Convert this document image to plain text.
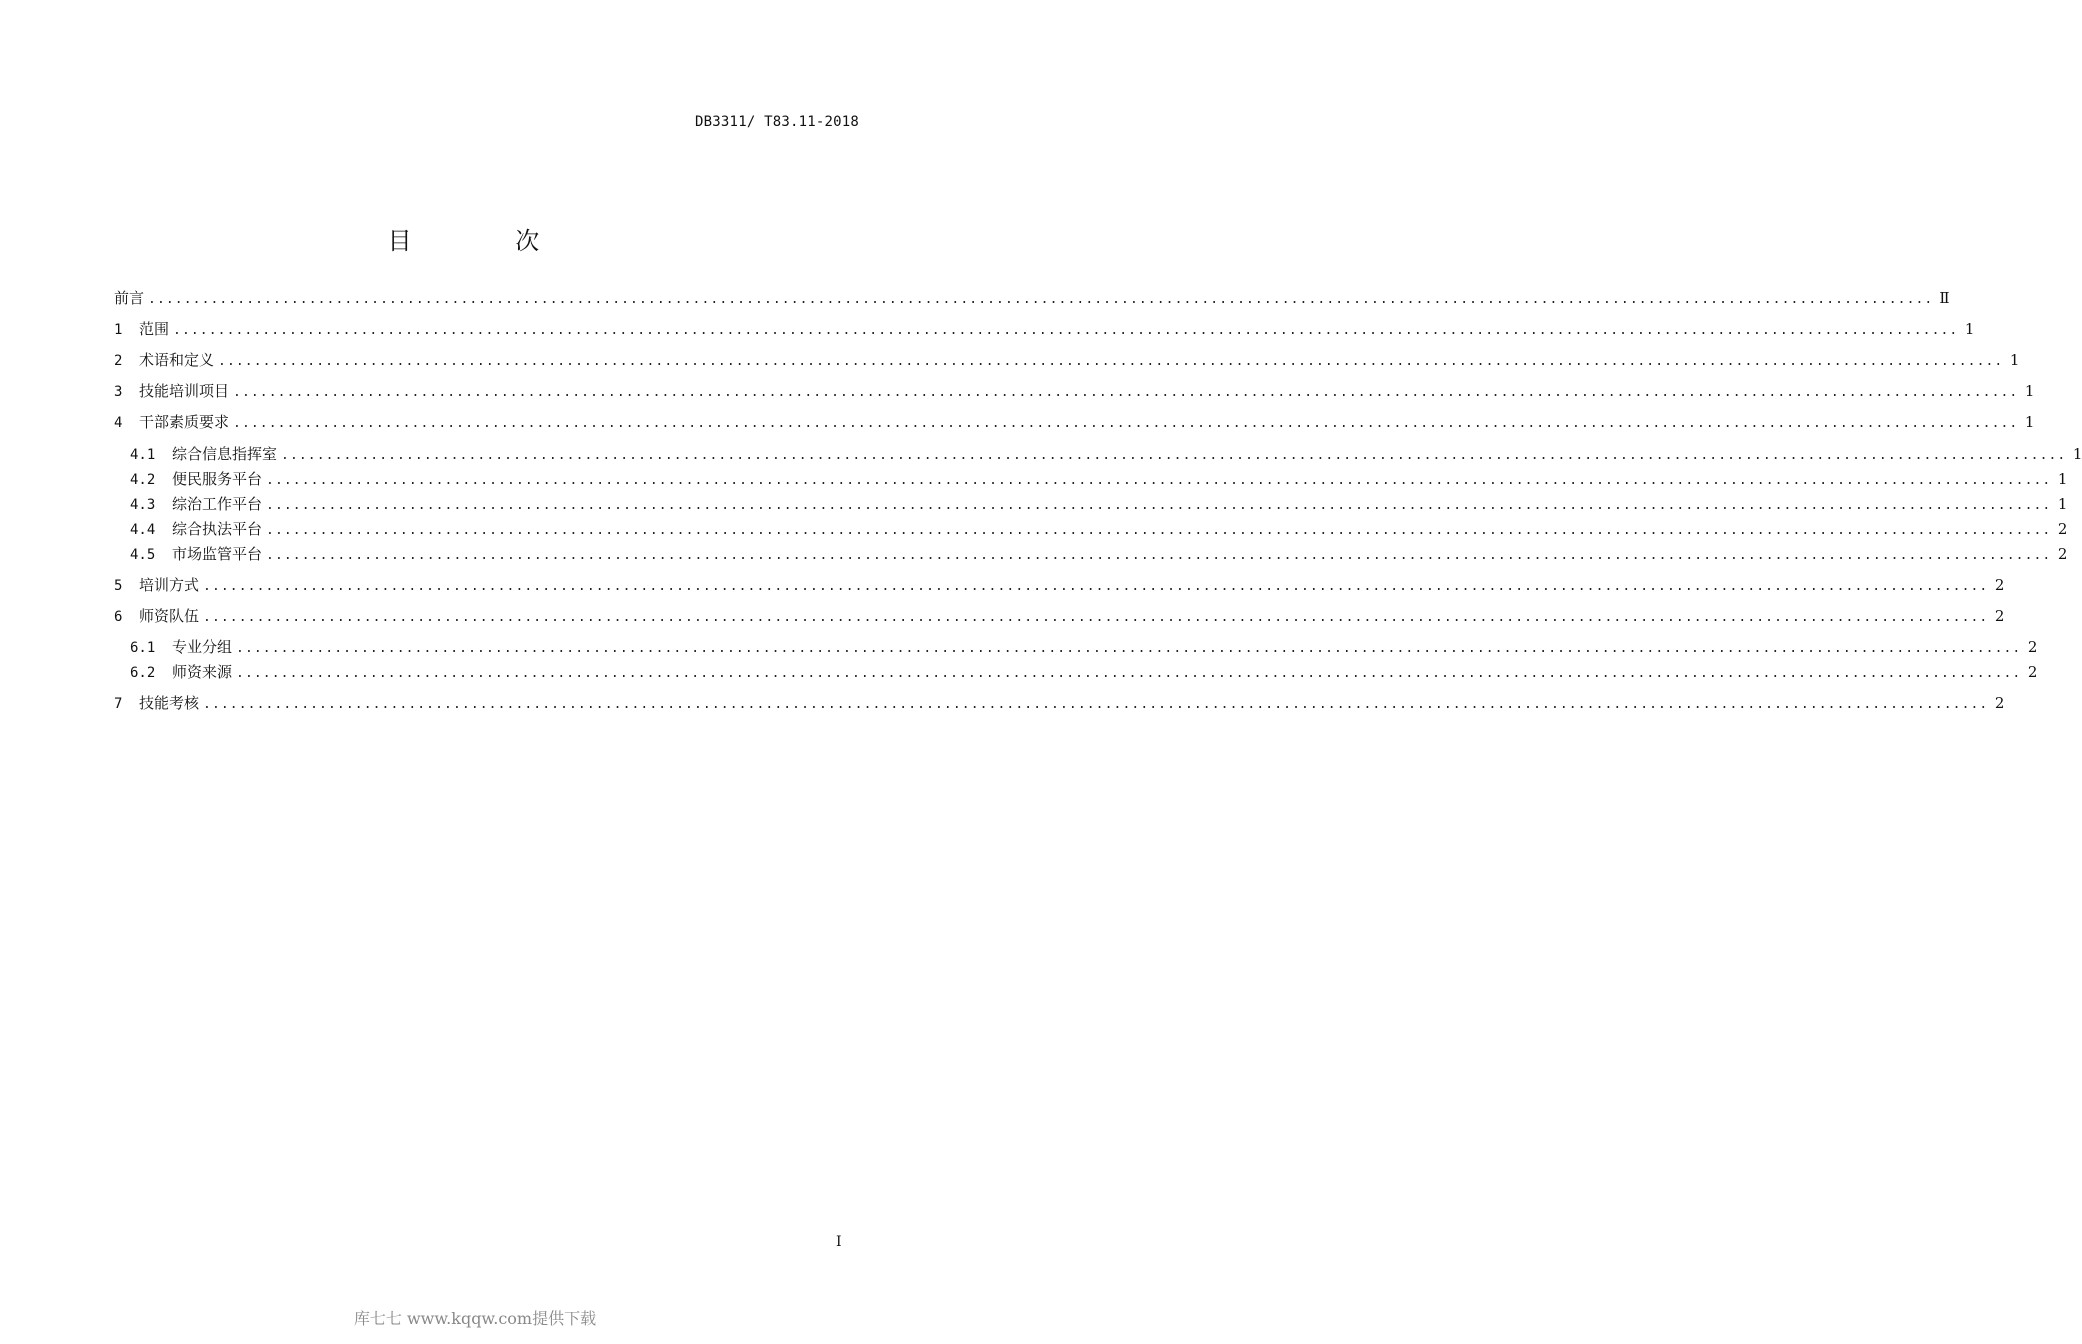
DB3311/ T83.11-2018
目 次
前言 ........................................................................................................................................................................................................ Ⅱ
1	范围 ........................................................................................................................................................................................................ 1
2	术语和定义 ........................................................................................................................................................................................................ 1
3	技能培训项目 ........................................................................................................................................................................................................ 1
4	干部素质要求 ........................................................................................................................................................................................................ 1
4.1	综合信息指挥室 ........................................................................................................................................................................................................ 1
4.2	便民服务平台 ........................................................................................................................................................................................................ 1
4.3	综治工作平台 ........................................................................................................................................................................................................ 1
4.4	综合执法平台 ........................................................................................................................................................................................................ 2
4.5	市场监管平台 ........................................................................................................................................................................................................ 2
5	培训方式 ........................................................................................................................................................................................................ 2
6	师资队伍 ........................................................................................................................................................................................................ 2
6.1	专业分组 ........................................................................................................................................................................................................ 2
6.2	师资来源 ........................................................................................................................................................................................................ 2
7	技能考核 ........................................................................................................................................................................................................ 2
I
库七七 www.kqqw.com提供下载
